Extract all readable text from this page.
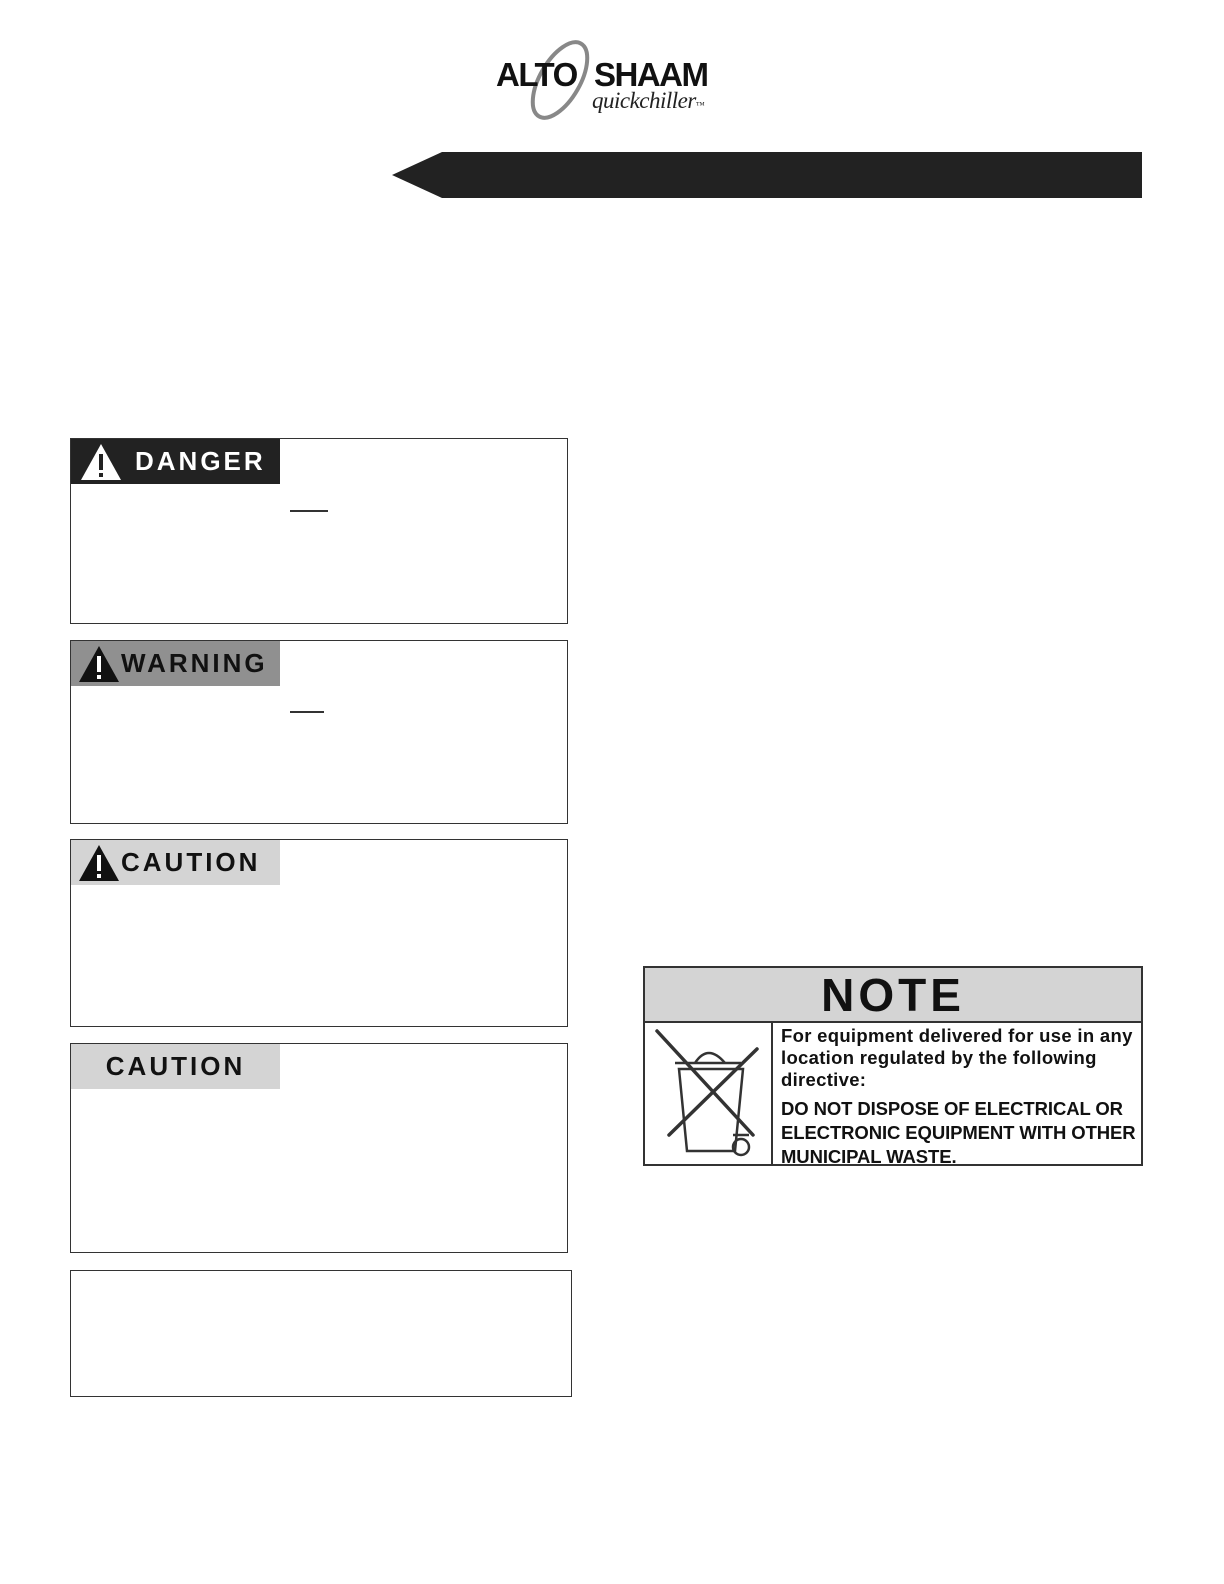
ALTO SHAAM
quickchiller™
DANGER
WARNING
CAUTION
CAUTION
NOTE
For equipment delivered for use in any location regulated by the following directive:
DO NOT DISPOSE OF ELECTRICAL OR ELECTRONIC EQUIPMENT WITH OTHER MUNICIPAL WASTE.
